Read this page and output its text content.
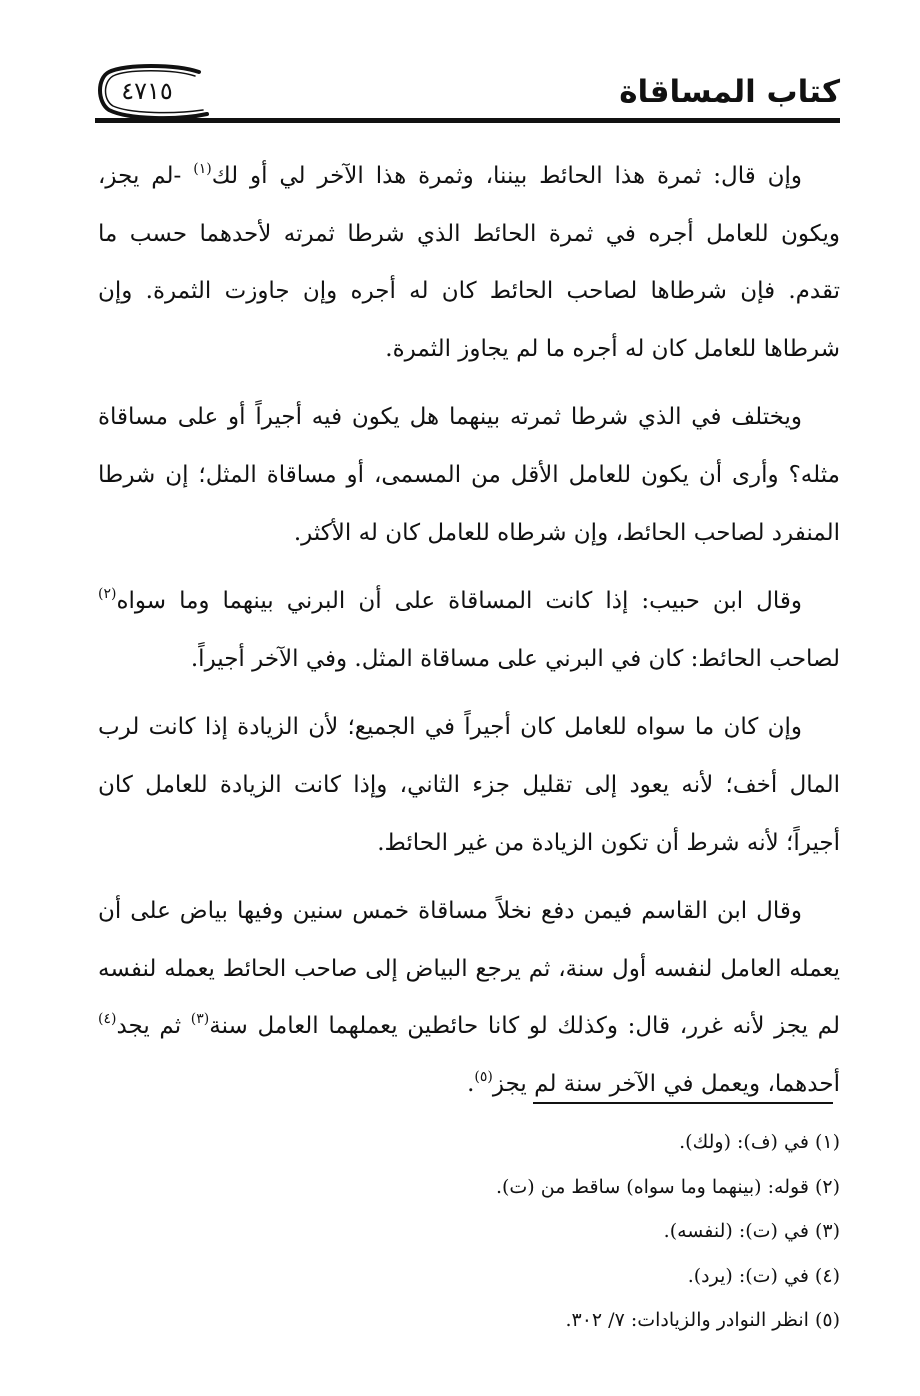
كتاب المساقاة
٤٧١٥

وإن قال: ثمرة هذا الحائط بيننا، وثمرة هذا الآخر لي أو لك$^{(١)}$ -لم يجز، ويكون للعامل أجره في ثمرة الحائط الذي شرطا ثمرته لأحدهما حسب ما تقدم. فإن شرطاها لصاحب الحائط كان له أجره وإن جاوزت الثمرة. وإن شرطاها للعامل كان له أجره ما لم يجاوز الثمرة.

ويختلف في الذي شرطا ثمرته بينهما هل يكون فيه أجيراً أو على مساقاة مثله؟ وأرى أن يكون للعامل الأقل من المسمى، أو مساقاة المثل؛ إن شرطا المنفرد لصاحب الحائط، وإن شرطاه للعامل كان له الأكثر.

وقال ابن حبيب: إذا كانت المساقاة على أن البرني بينهما وما سواه$^{(٢)}$ لصاحب الحائط: كان في البرني على مساقاة المثل. وفي الآخر أجيراً.

وإن كان ما سواه للعامل كان أجيراً في الجميع؛ لأن الزيادة إذا كانت لرب المال أخف؛ لأنه يعود إلى تقليل جزء الثاني، وإذا كانت الزيادة للعامل كان أجيراً؛ لأنه شرط أن تكون الزيادة من غير الحائط.

وقال ابن القاسم فيمن دفع نخلاً مساقاة خمس سنين وفيها بياض على أن يعمله العامل لنفسه أول سنة، ثم يرجع البياض إلى صاحب الحائط يعمله لنفسه لم يجز لأنه غرر، قال: وكذلك لو كانا حائطين يعملهما العامل سنة$^{(٣)}$ ثم يجد$^{(٤)}$ أحدهما، ويعمل في الآخر سنة لم يجز$^{(٥)}$.

(١) في (ف): (ولك).
(٢) قوله: (بينهما وما سواه) ساقط من (ت).
(٣) في (ت): (لنفسه).
(٤) في (ت): (يرد).
(٥) انظر النوادر والزيادات: ٧/ ٣٠٢.
